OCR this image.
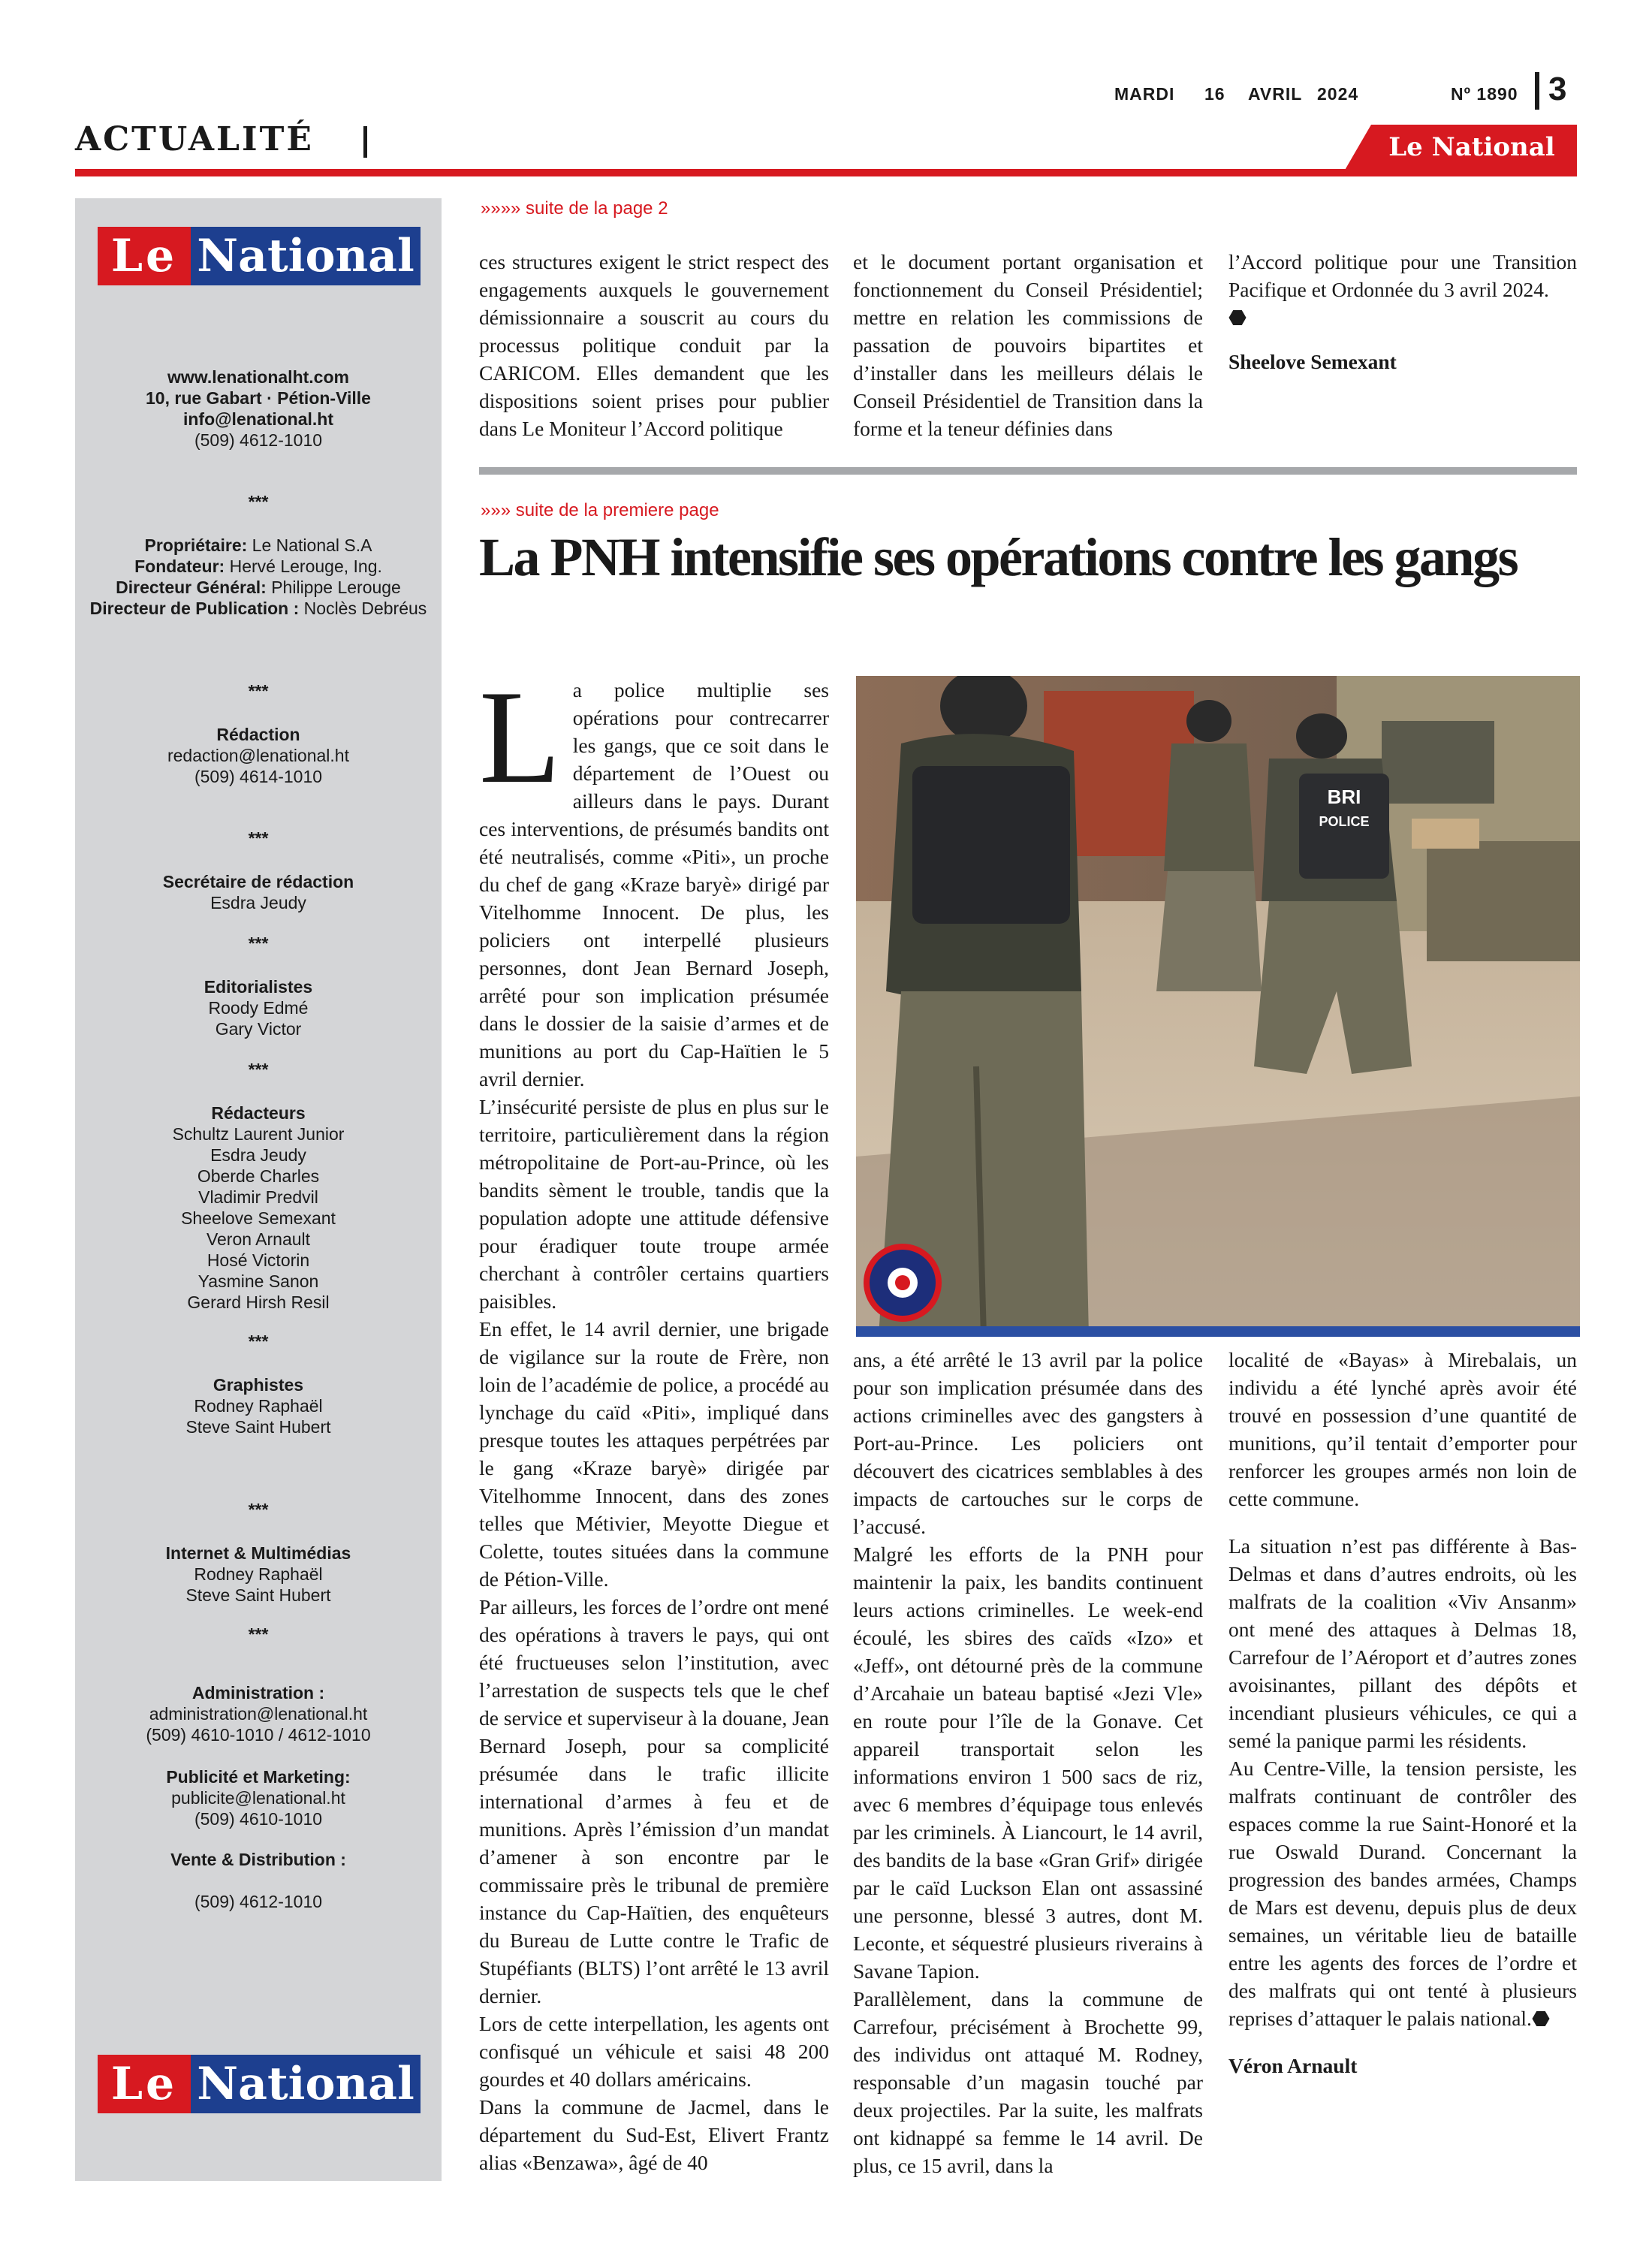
MARDI 16 AVRIL 2024	Nº 1890 3
ACTUALITÉ	Le National
Le National
www.lenationalht.com
10, rue Gabart · Pétion-Ville
info@lenational.ht
(509) 4612-1010
***
Propriétaire: Le National S.A
Fondateur: Hervé Lerouge, Ing.
Directeur Général: Philippe Lerouge
Directeur de Publication : Noclès Debréus
***
Rédaction
redaction@lenational.ht
(509) 4614-1010
***
Secrétaire de rédaction
Esdra Jeudy
***
Editorialistes
Roody Edmé
Gary Victor
***
Rédacteurs
Schultz Laurent Junior
Esdra Jeudy
Oberde Charles
Vladimir Predvil
Sheelove Semexant
Veron Arnault
Hosé Victorin
Yasmine Sanon
Gerard Hirsh Resil
***
Graphistes
Rodney Raphaël
Steve Saint Hubert
***
Internet & Multimédias
Rodney Raphaël
Steve Saint Hubert
***
Administration :
administration@lenational.ht
(509) 4610-1010 / 4612-1010
Publicité et Marketing:
publicite@lenational.ht
(509) 4610-1010
Vente & Distribution :
(509) 4612-1010
Le National
»»»» suite de la page 2

ces structures exigent le strict respect des engagements auxquels le gouvernement démissionnaire a souscrit au cours du processus politique conduit par la CARICOM. Elles demandent que les dispositions soient prises pour publier dans Le Moniteur l’Accord politique

et le document portant organisation et fonctionnement du Conseil Présidentiel; mettre en relation les commissions de passation de pouvoirs bipartites et d’installer dans les meilleurs délais le Conseil Présidentiel de Transition dans la forme et la teneur définies dans

l’Accord politique pour une Transition Pacifique et Ordonnée du 3 avril 2024.
⬣

Sheelove Semexant

»»» suite de la premiere page
La PNH intensifie ses opérations contre les gangs

La police multiplie ses opérations pour contrecarrer les gangs, que ce soit dans le département de l’Ouest ou ailleurs dans le pays. Durant ces interventions, de présumés bandits ont été neutralisés, comme «Piti», un proche du chef de gang «Kraze baryè» dirigé par Vitelhomme Innocent. De plus, les policiers ont interpellé plusieurs personnes, dont Jean Bernard Joseph, arrêté pour son implication présumée dans le dossier de la saisie d’armes et de munitions au port du Cap-Haïtien le 5 avril dernier.

L’insécurité persiste de plus en plus sur le territoire, particulièrement dans la région métropolitaine de Port-au-Prince, où les bandits sèment le trouble, tandis que la population adopte une attitude défensive pour éradiquer toute troupe armée cherchant à contrôler certains quartiers paisibles.

En effet, le 14 avril dernier, une brigade de vigilance sur la route de Frère, non loin de l’académie de police, a procédé au lynchage du caïd «Piti», impliqué dans presque toutes les attaques perpétrées par le gang «Kraze baryè» dirigée par Vitelhomme Innocent, dans des zones telles que Métivier, Meyotte Diegue et Colette, toutes situées dans la commune de Pétion-Ville.

Par ailleurs, les forces de l’ordre ont mené des opérations à travers le pays, qui ont été fructueuses selon l’institution, avec l’arrestation de suspects tels que le chef de service et superviseur à la douane, Jean Bernard Joseph, pour sa complicité présumée dans le trafic illicite international d’armes à feu et de munitions. Après l’émission d’un mandat d’amener à son encontre par le commissaire près le tribunal de première instance du Cap-Haïtien, des enquêteurs du Bureau de Lutte contre le Trafic de Stupéfiants (BLTS) l’ont arrêté le 13 avril dernier.

Lors de cette interpellation, les agents ont confisqué un véhicule et saisi 48 200 gourdes et 40 dollars américains.

Dans la commune de Jacmel, dans le département du Sud-Est, Elivert Frantz alias «Benzawa», âgé de 40

BRI
POLICE

ans, a été arrêté le 13 avril par la police pour son implication présumée dans des actions criminelles avec des gangsters à Port-au-Prince. Les policiers ont découvert des cicatrices semblables à des impacts de cartouches sur le corps de l’accusé.

Malgré les efforts de la PNH pour maintenir la paix, les bandits continuent leurs actions criminelles. Le week-end écoulé, les sbires des caïds «Izo» et «Jeff», ont détourné près de la commune d’Arcahaie un bateau baptisé «Jezi Vle» en route pour l’île de la Gonave. Cet appareil transportait selon les informations environ 1 500 sacs de riz, avec 6 membres d’équipage tous enlevés par les criminels. À Liancourt, le 14 avril, des bandits de la base «Gran Grif» dirigée par le caïd Luckson Elan ont assassiné une personne, blessé 3 autres, dont M. Leconte, et séquestré plusieurs riverains à Savane Tapion.

Parallèlement, dans la commune de Carrefour, précisément à Brochette 99, des individus ont attaqué M. Rodney, responsable d’un magasin touché par deux projectiles. Par la suite, les malfrats ont kidnappé sa femme le 14 avril. De plus, ce 15 avril, dans la

localité de «Bayas» à Mirebalais, un individu a été lynché après avoir été trouvé en possession d’une quantité de munitions, qu’il tentait d’emporter pour renforcer les groupes armés non loin de cette commune.

La situation n’est pas différente à Bas-Delmas et dans d’autres endroits, où les malfrats de la coalition «Viv Ansanm» ont mené des attaques à Delmas 18, Carrefour de l’Aéroport et d’autres zones avoisinantes, pillant des dépôts et incendiant plusieurs véhicules, ce qui a semé la panique parmi les résidents.

Au Centre-Ville, la tension persiste, les malfrats continuant de contrôler des espaces comme la rue Saint-Honoré et la rue Oswald Durand. Concernant la progression des bandes armées, Champs de Mars est devenu, depuis plus de deux semaines, un véritable lieu de bataille entre les agents des forces de l’ordre et des malfrats qui ont tenté à plusieurs reprises d’attaquer le palais national.⬣

Véron Arnault
